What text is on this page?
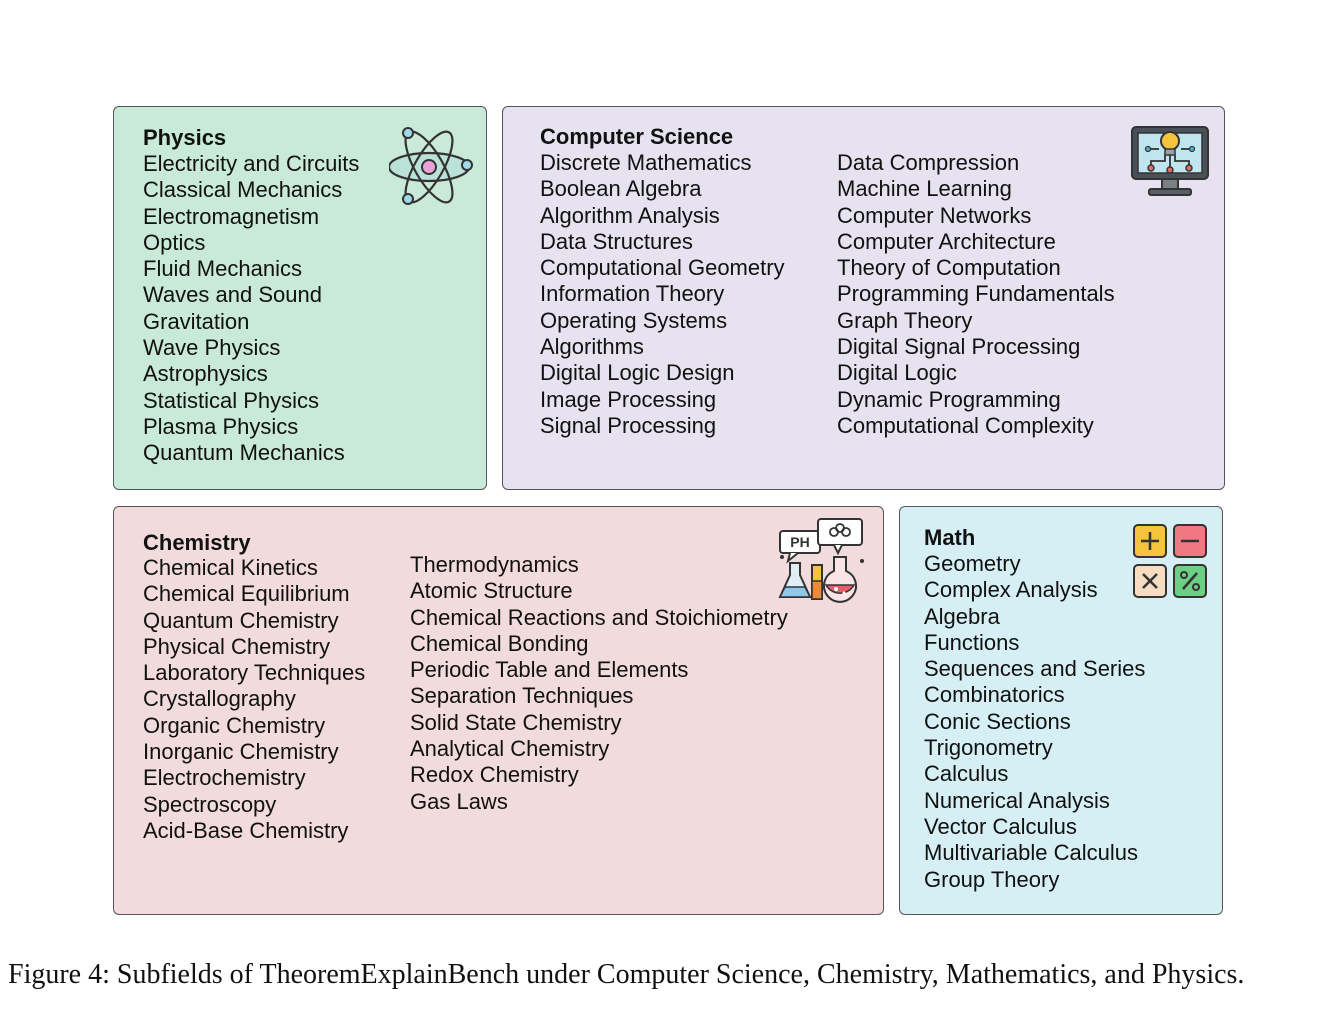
Physics
Electricity and Circuits
Classical Mechanics
Electromagnetism
Optics
Fluid Mechanics
Waves and Sound
Gravitation
Wave Physics
Astrophysics
Statistical Physics
Plasma Physics
Quantum Mechanics
Computer Science
Discrete Mathematics
Boolean Algebra
Algorithm Analysis
Data Structures
Computational Geometry
Information Theory
Operating Systems
Algorithms
Digital Logic Design
Image Processing
Signal Processing
Data Compression
Machine Learning
Computer Networks
Computer Architecture
Theory of Computation
Programming Fundamentals
Graph Theory
Digital Signal Processing
Digital Logic
Dynamic Programming
Computational Complexity
Chemistry
Chemical Kinetics
Chemical Equilibrium
Quantum Chemistry
Physical Chemistry
Laboratory Techniques
Crystallography
Organic Chemistry
Inorganic Chemistry
Electrochemistry
Spectroscopy
Acid-Base Chemistry
Thermodynamics
Atomic Structure
Chemical Reactions and Stoichiometry
Chemical Bonding
Periodic Table and Elements
Separation Techniques
Solid State Chemistry
Analytical Chemistry
Redox Chemistry
Gas Laws
PH	Math
Geometry
Complex Analysis
Algebra
Functions
Sequences and Series
Combinatorics
Conic Sections
Trigonometry
Calculus
Numerical Analysis
Vector Calculus
Multivariable Calculus
Group Theory
Figure 4: Subfields of TheoremExplainBench under Computer Science, Chemistry, Mathematics, and Physics.
